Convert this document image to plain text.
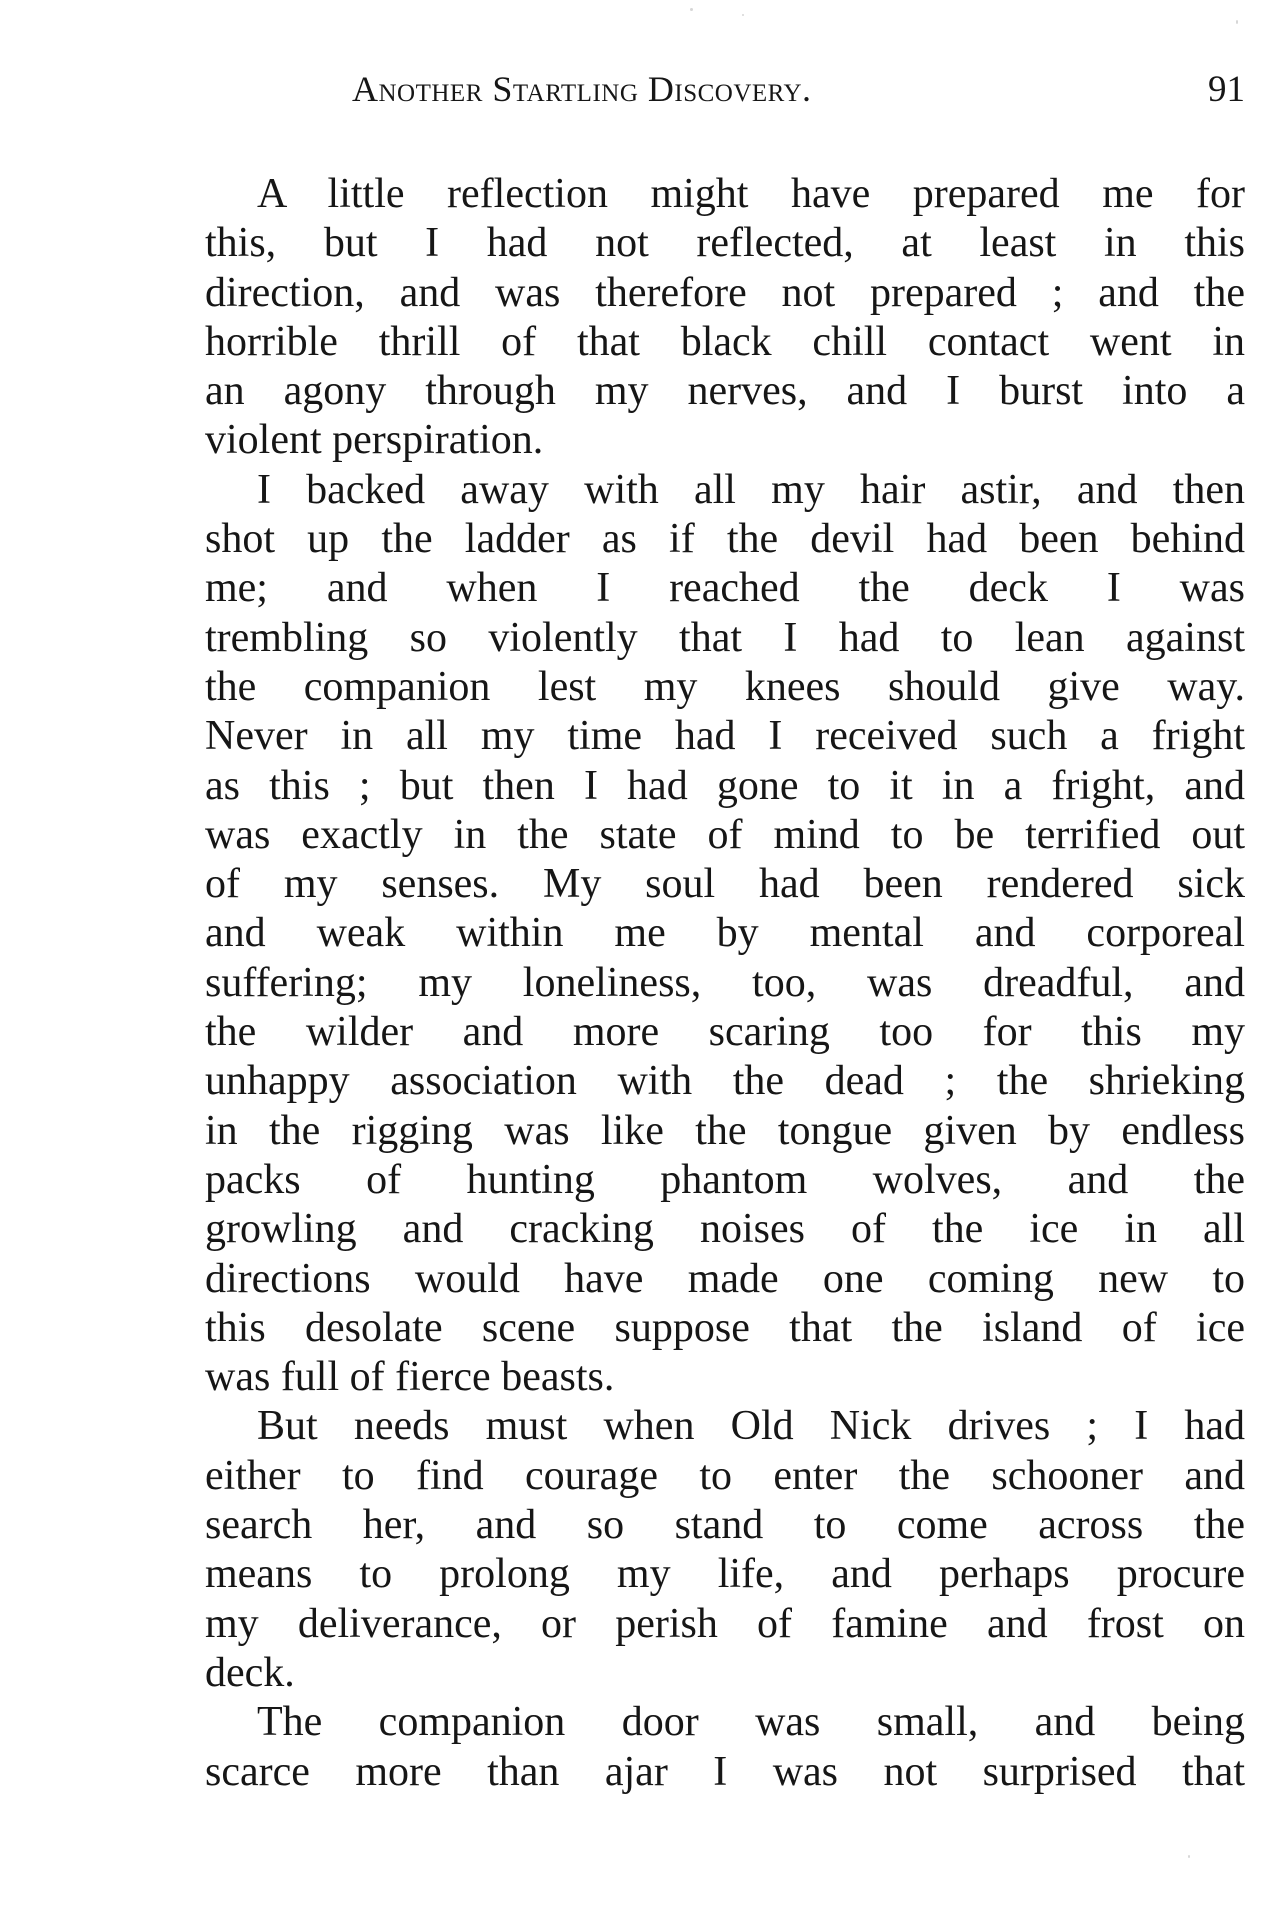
Another Startling Discovery.	91
A little reflection might have prepared me for
this, but I had not reflected, at least in this
direction, and was therefore not prepared ; and the
horrible thrill of that black chill contact went in
an agony through my nerves, and I burst into a
violent perspiration.
I backed away with all my hair astir, and then
shot up the ladder as if the devil had been behind
me; and when I reached the deck I was
trembling so violently that I had to lean against
the companion lest my knees should give way.
Never in all my time had I received such a fright
as this ; but then I had gone to it in a fright, and
was exactly in the state of mind to be terrified out
of my senses. My soul had been rendered sick
and weak within me by mental and corporeal
suffering; my loneliness, too, was dreadful, and
the wilder and more scaring too for this my
unhappy association with the dead ; the shrieking
in the rigging was like the tongue given by endless
packs of hunting phantom wolves, and the
growling and cracking noises of the ice in all
directions would have made one coming new to
this desolate scene suppose that the island of ice
was full of fierce beasts.
But needs must when Old Nick drives ; I had
either to find courage to enter the schooner and
search her, and so stand to come across the
means to prolong my life, and perhaps procure
my deliverance, or perish of famine and frost on
deck.
The companion door was small, and being
scarce more than ajar I was not surprised that
